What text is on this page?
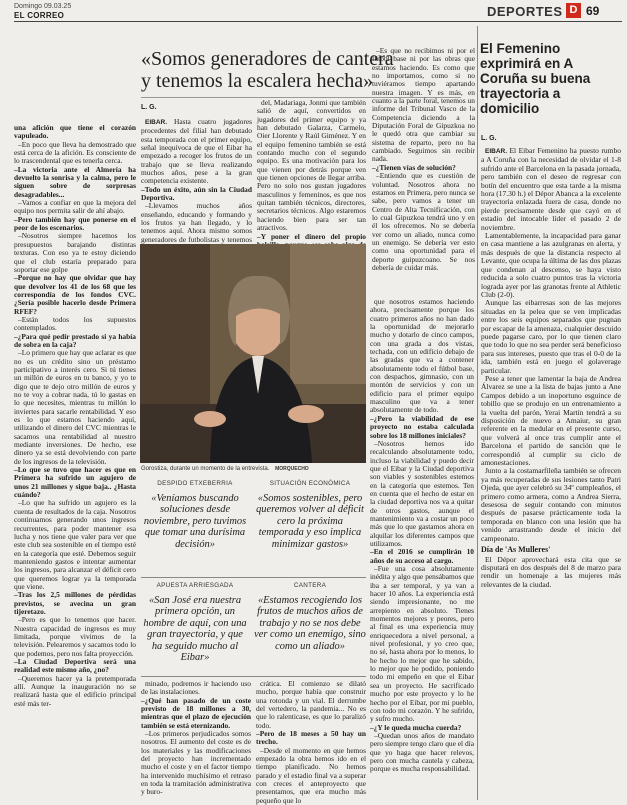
Domingo 09.03.25
EL CORREO	DEPORTES D 69
«Somos generadores de cantera
y tenemos la escalera hecha»

una afición que tiene el corazón vapuleado.

–En poco que lleva ha demostrado que está cerca de la afición. Es consciente de lo trascendental que es tenerla cerca.

–La victoria ante el Almería ha devuelto la sonrisa y la calma, pero le siguen sobre de sorpresas desagradables...

–Vamos a confiar en que la mejora del equipo nos permita salir de ahí abajo.

–Pero también hay que ponerse en el peor de los escenarios.

–Nosotros siempre hacemos los presupuestos barajando distintas texturas. Con eso ya te estoy diciendo que el club estaría preparado para soportar ese golpe

–Porque no hay que olvidar que hay que devolver los 41 de los 68 que les correspondía de los fondos CVC. ¿Sería posible hacerlo desde Primera RFEF?

–Están todos los supuestos contemplados.

–¿Para qué pedir prestado si ya había de sobra en la caja?

–Lo primero que hay que aclarar es que no es un crédito sino un préstamo participativo a interés cero. Si tú tienes un millón de euros en tu banco, y yo te digo que te dejo otro millón de euros y no te voy a cobrar nada, tú lo gastas en lo que necesites, mientras tu millón lo inviertes para sacarle rentabilidad. Y eso es lo que estamos haciendo aquí, utilizando el dinero del CVC mientras le sacamos una rentabilidad al nuestro mediante inversiones. De hecho, ese dinero ya se está devolviendo con parte de los ingresos de la televisión.

–Lo que se tuvo que hacer es que en Primera ha sufrido un agujero de unos 21 millones y sigue baja.. ¿Hasta cuándo?

–Lo que ha sufrido un agujero es la cuenta de resultados de la caja. Nosotros continuamos generando unos ingresos recurrentes, para poder mantener esa lucha y nos tiene que valer para ver que este club sea sostenible en el tiempo esté en la categoría que esté. Debemos seguir manteniendo gastos e intentar aumentar los ingresos, para alcanzar el déficit cero que queremos lograr ya la temporada que viene.

–Tras los 2,5 millones de pérdidas previstos, se avecina un gran tijeretazo.

–Pero es que lo tenemos que hacer. Nuestra capacidad de ingresos es muy limitada, porque vivimos de la televisión. Pelearemos y sacamos todo lo que podemos, pero nos falta proyección.

–La Ciudad Deportiva será una realidad este mismo año, ¿no?

–Queremos hacer ya la pretemporada allí. Aunque la inauguración no se realizará hasta que el edificio principal esté más ter-

L. G.

EIBAR. Hasta cuatro jugadores procedentes del filial han debutado esta temporada con el primer equipo, señal inequívoca de que el Eibar ha empezado a recoger los frutos de un trabajo que se lleva realizando muchos años, pese a la gran competencia existente.

–Todo un éxito, aún sin la Ciudad Deportiva.

–Llevamos muchos años enseñando, educando y formando y los frutos ya han llegado, y lo tenemos aquí. Ahora mismo somos generadores de futbolistas y tenemos

del, Madariaga, Jonmi que también salió de aquí, convertidos en jugadores del primer equipo y ya han debutado Galarza, Carmelo, Oier Llorente y Raúl Giménez. Y en el equipo femenino también se está contando mucho con el segundo equipo. Es una motivación para los que vienen por detrás porque ven que tienen opciones de llegar arriba. Pero no solo nos gustan jugadores masculinos y femeninos, es que nos quitan también técnicos, directores, secretarios técnicos. Algo estaremos haciendo bien para ser tan atractivos.

–Y poner el dinero del propio

–Es que no recibimos ni por el fútbol base ni por las obras que estamos haciendo. Es como que no importamos, como si no tuviéramos tiempo apartando nuestra imagen. Y es más, en cuanto a la parte foral, tenemos un informe del Tribunal Vasco de la Competencia diciendo a la Diputación Foral de Gipuzkoa no le quedó otra que cambiar su sistema de reparto, pero no ha cambiado. Seguimos sin recibir nada.

–¿Tienen vías de solución?

–Entiendo que es cuestión de voluntad. Nosotros ahora no estamos en Primera, pero nunca se sabe, pero vamos a tener un Centro de Alta Tecnificación, con lo cual Gipuzkoa tendrá uno y en él los ofrecemos. No se debería ver como un aliado, nunca como un enemigo. Se debería ver esto como una oportunidad para el deporte guipuzcoano. Se nos debería de cuidar más.

Gorostiza, durante un momento de la entrevista. MORQUECHO

que nosotros estamos haciendo ahora, precisamente porque los cuatro primeros años no han dado la oportunidad de mejorarlo mucho y dotarlo de cinco campos, con una grada a dos vistas, techada, con un edificio debajo de las gradas que va a contener absolutamente todo el fútbol base, con despachos, gimnasio, con un montón de servicios y con un edificio para el primer equipo masculino que va a tener absolutamente de todo.

–¿Pero la viabilidad de ese proyecto no estaba calculada sobre los 18 millones iniciales?

–Nosotros hemos ido recalculando absolutamente todo, incluso la viabilidad y puedo decir que el Eibar y la Ciudad deportiva son viables y sostenibles estemos en la categoría que estemos. Ten en cuenta que el hecho de estar en la ciudad deportiva nos va a quitar de otros gastos, aunque el mantenimiento va a costar un poco más que lo que gastamos ahora en alquilar los diferentes campos que utilizamos.

–En el 2016 se cumplirán 10 años de su acceso al cargo.

–Fue una cosa absolutamente inédita y algo que pensábamos que iba a ser temporal, y ya van a hacer 10 años. La experiencia está siendo impresionante, no me arrepiento en absoluto. Tienes momentos mejores y peores, pero al final es una experiencia muy enriquecedora a nivel personal, a nivel profesional, y yo creo que, no sé, hasta ahora por lo menos, lo he hecho lo mejor que he sabido, lo mejor que he podido, poniendo todo mi empeño en que el Eibar sea un proyecto. He sacrificado mucho por este proyecto y lo he hecho por el Eibar, por mi pueblo, con todo mi corazón. Y he sufrido, y sufro mucho.

–¿Y le queda mucha cuerda?

–Quedan unos años de mandato pero siempre tengo claro que el día que yo haga que hacer relevos, pero con mucha cautela y cabeza, porque es mucha responsabilidad.

DESPIDO ETXEBERRIA
«Veníamos buscando soluciones desde noviembre, pero tuvimos que tomar una durísima decisión»
SITUACIÓN ECONÓMICA
«Somos sostenibles, pero queremos volver al déficit cero la próxima temporada y eso implica minimizar gastos»
APUESTA ARRIESGADA
«San José era nuestra primera opción, un hombre de aquí, con una gran trayectoria, y que ha seguido mucho al Eibar»
CANTERA
«Estamos recogiendo los frutos de muchos años de trabajo y no se nos debe ver como un enemigo, sino como un aliado»

minado, podremos ir haciendo uso de las instalaciones.

–¿Qué han pasado de un coste previsto de 18 millones a 30, mientras que el plazo de ejecución también se está eternizando.

–Los primeros perjudicados somos nosotros. El aumento del coste es de los materiales y las modificaciones del proyecto han incrementado mucho el coste y en el factor tiempo ha intervenido muchísimo el retraso en toda la tramitación administrativa y buro-

crática. El comienzo se dilató mucho, porque había que construir una rotonda y un vial. El derrumbe del vertedero, la pandemia... No es que lo ralenticase, es que lo paralizó todo.

–Pero de 18 meses a 50 hay un trecho.

–Desde el momento en que hemos empezado la obra hemos ido en el tiempo planificado. No hemos parado y el estadio final va a superar con creces el anteproyecto que presentamos, que era mucho más pequeño que lo

El Femenino exprimirá en A Coruña su buena trayectoria a domicilio
L. G.

EIBAR. El Eibar Femenino ha puesto rumbo a A Coruña con la necesidad de olvidar el 1-8 sufrido ante el Barcelona en la pasada jornada, pero también con el deseo de regresar con botín del encuentro que esta tarde a la misma hora (17.30 h.) el Dépor Abanca a la excelente trayectoria enlazada fuera de casa, donde no pierde precisamente desde que cayó en el estadio del intocable líder el pasado 2 de noviembre.

Lamentablemente, la incapacidad para ganar en casa mantiene a las azulgranas en alerta, y más después de que la distancia respecto al Levante, que ocupa la última de las dos plazas que condenan al descenso, se haya visto reducida a solo cuatro puntos tras la victoria lograda ayer por las granotas frente al Athletic Club (2-0).

Aunque las eibarresas son de las mejores situadas en la pelea que se ven implicadas entre los seis equipos separados que pugnan por escapar de la amenaza, cualquier descuido puede pagarse caro, por lo que tienen claro que todo lo que no sea perder será beneficioso para sus intereses, puesto que tras el 0-0 de la ida, también está en juego el golaverage particular.

Pese a tener que lamentar la baja de Andrea Álvarez se une a la lista de bajas junto a Ane Campos debido a un inoportuno esguince de tobillo que se produjo en un entrenamiento a la vuelta del parón, Yerai Martín tendrá a su disposición de nuevo a Amaiur, su gran referente en la medular en el presente curso, que volverá al once tras cumplir ante el Barcelona el partido de sanción que le correspondió al cumplir su ciclo de amonestaciones.

Junto a la costamarfileña también se ofrecen ya más recuperadas de sus lesiones tanto Patri Ojeda, que ayer celebró su 34º cumpleaños, el primero como armera, como a Andrea Sierra, desesosa de seguir contando con minutos después de pasarse prácticamente toda la temporada en blanco con una lesión que ha venido arrastrando desde el inicio del campeonato.

Día de 'As Mulleres'

El Dépor aprovechará esta cita que se disputará en dos después del 8 de marzo para rendir un homenaje a las mujeres más relevantes de la ciudad.
